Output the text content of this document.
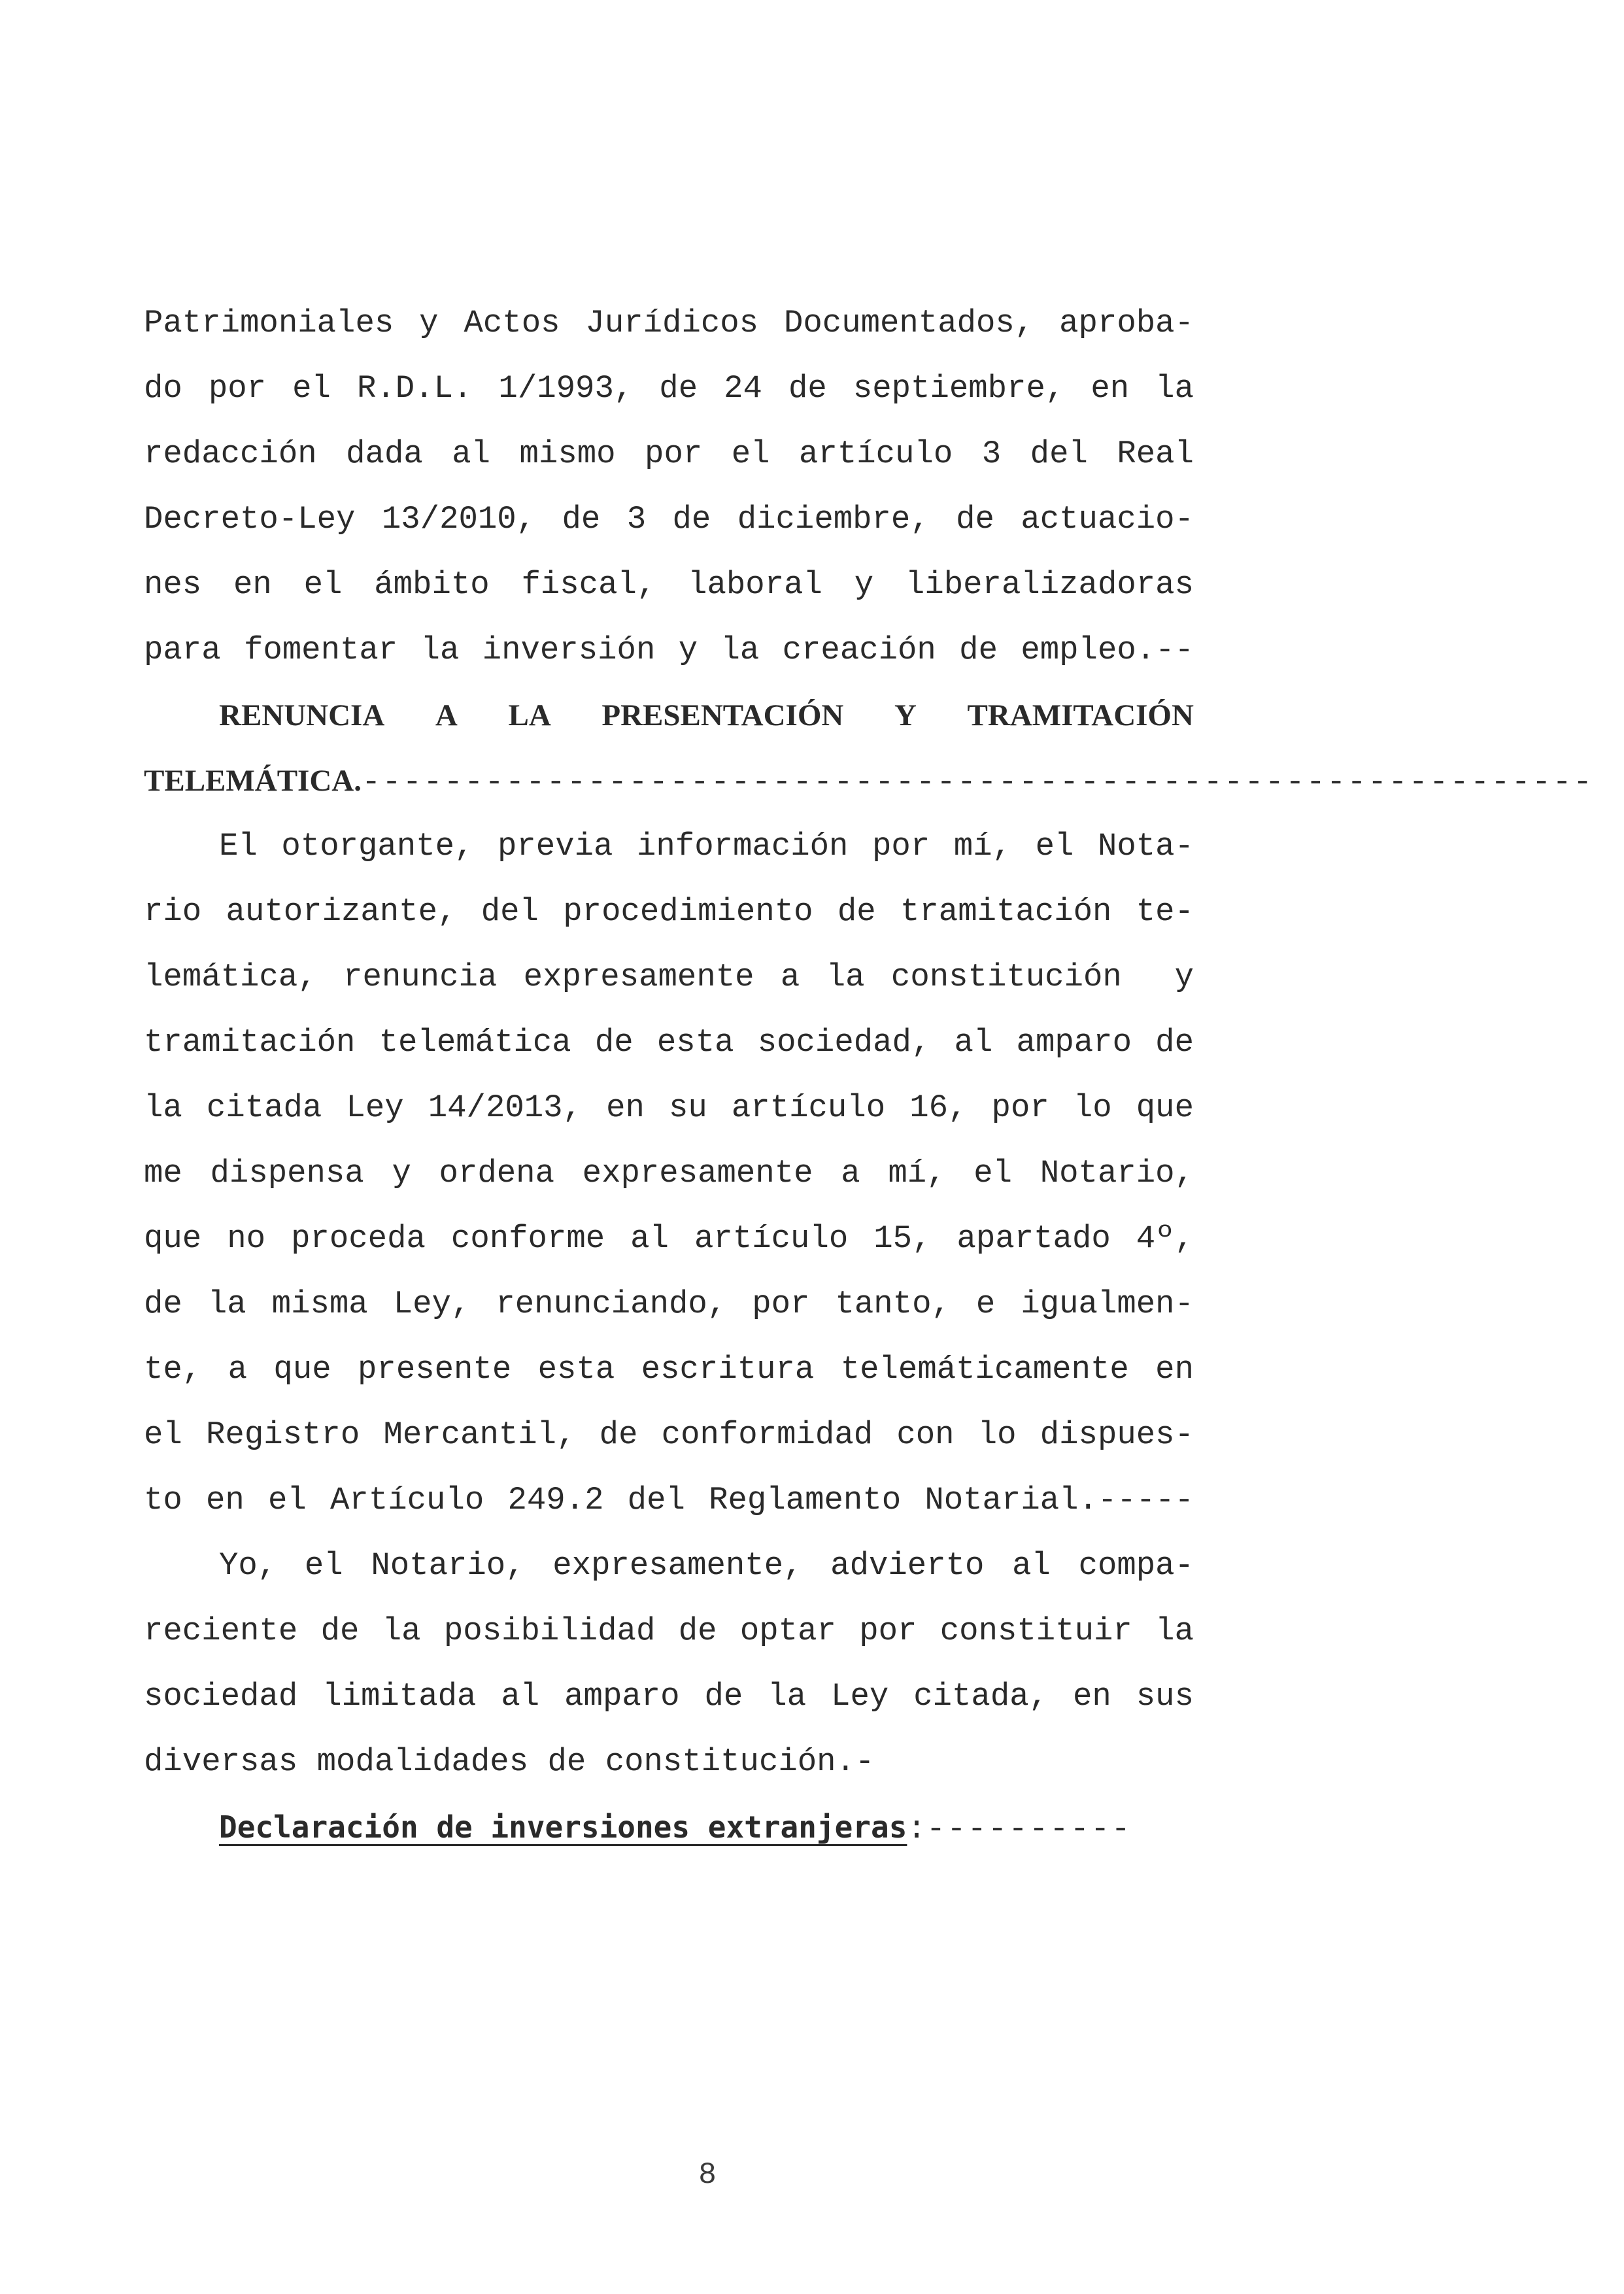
Patrimoniales y Actos Jurídicos Documentados, aproba-
do por el R.D.L. 1/1993, de 24 de septiembre, en la
redacción dada al mismo por el artículo 3 del Real
Decreto-Ley 13/2010, de 3 de diciembre, de actuacio-
nes en el ámbito fiscal, laboral y liberalizadoras
para fomentar la inversión y la creación de empleo.--
RENUNCIA A LA PRESENTACIÓN Y TRAMITACIÓN
TELEMÁTICA. ------------------------------------------------------------
El otorgante, previa información por mí, el Nota-
rio autorizante, del procedimiento de tramitación te-
lemática, renuncia expresamente a la constitución  y
tramitación telemática de esta sociedad, al amparo de
la citada Ley 14/2013, en su artículo 16, por lo que
me dispensa y ordena expresamente a mí, el Notario,
que no proceda conforme al artículo 15, apartado 4º,
de la misma Ley, renunciando, por tanto, e igualmen-
te, a que presente esta escritura telemáticamente en
el Registro Mercantil, de conformidad con lo dispues-
to en el Artículo 249.2 del Reglamento Notarial.-----
Yo, el Notario, expresamente, advierto al compa-
reciente de la posibilidad de optar por constituir la
sociedad limitada al amparo de la Ley citada, en sus
diversas modalidades de constitución.-
Declaración de inversiones extranjeras : ----------
8
